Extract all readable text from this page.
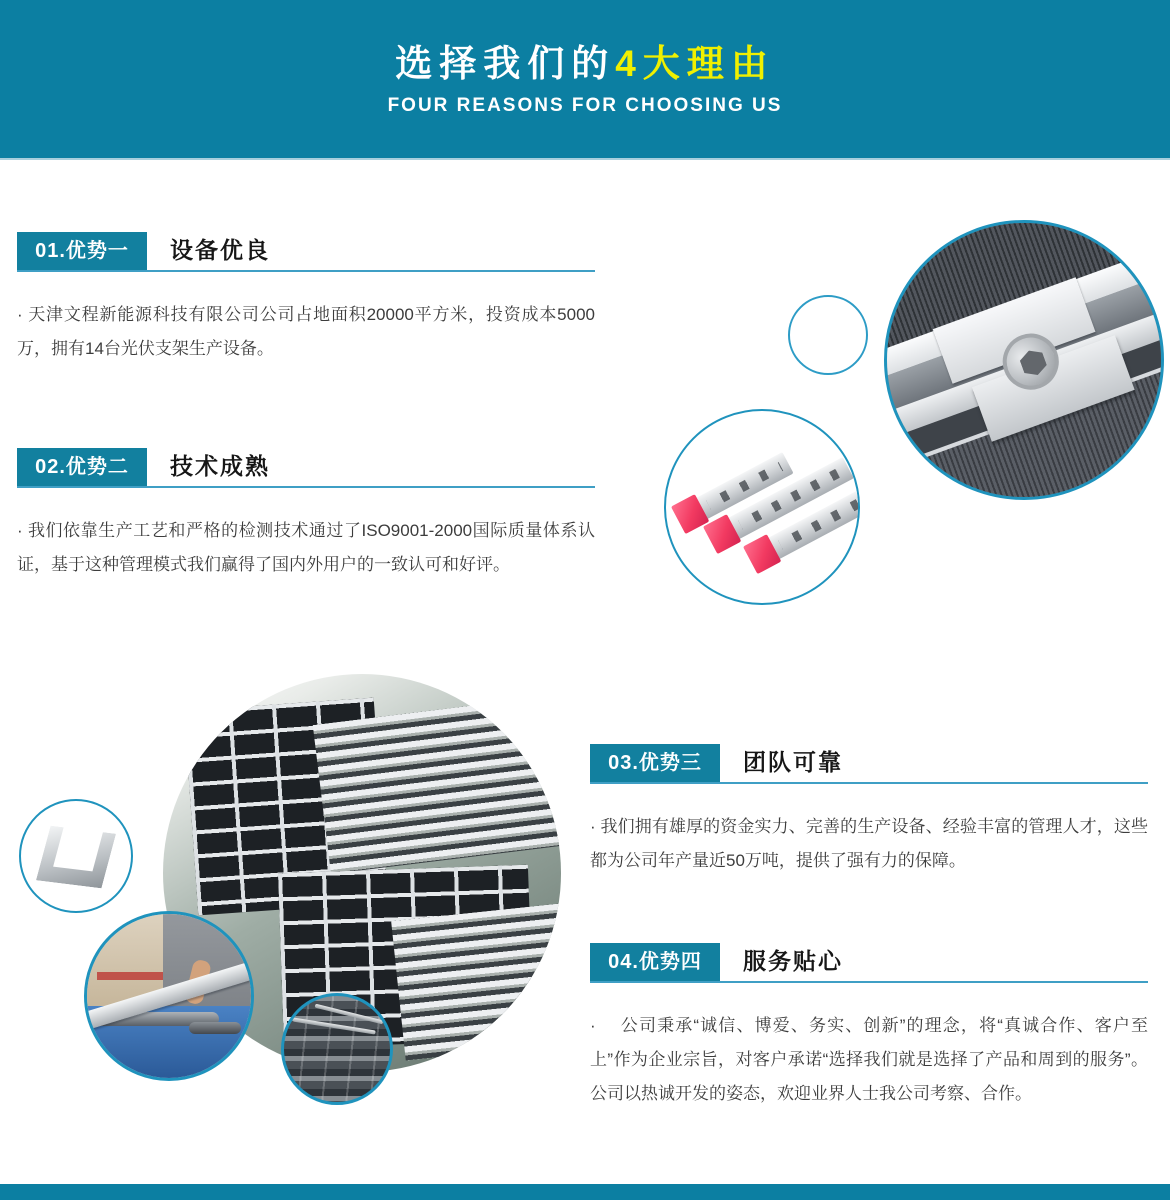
选择我们的4大理由

FOUR REASONS FOR CHOOSING US

01.优势一	设备优良
· 天津文程新能源科技有限公司公司占地面积20000平方米，投资成本5000万，拥有14台光伏支架生产设备。
02.优势二	技术成熟
· 我们依靠生产工艺和严格的检测技术通过了ISO9001-2000国际质量体系认证，基于这种管理模式我们赢得了国内外用户的一致认可和好评。
03.优势三	团队可靠
· 我们拥有雄厚的资金实力、完善的生产设备、经验丰富的管理人才，这些都为公司年产量近50万吨，提供了强有力的保障。
04.优势四	服务贴心
·　 公司秉承“诚信、博爱、务实、创新”的理念，将“真诚合作、客户至上”作为企业宗旨，对客户承诺“选择我们就是选择了产品和周到的服务”。公司以热诚开发的姿态，欢迎业界人士我公司考察、合作。
